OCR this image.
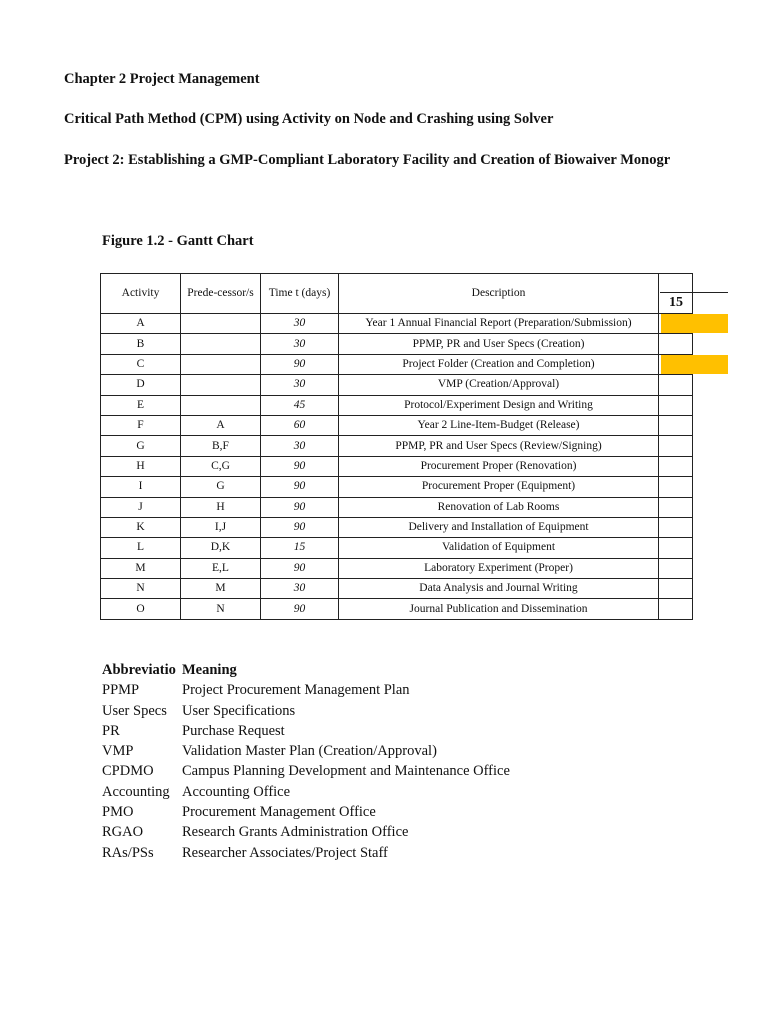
Chapter 2 Project Management
Critical Path Method (CPM) using Activity on Node and Crashing using Solver
Project 2: Establishing a GMP-Compliant Laboratory Facility and Creation of Biowaiver Monogr
Figure 1.2 - Gantt Chart
Activity	Prede-cessor/s	Time t (days)	Description	
A		30	Year 1 Annual Financial Report (Preparation/Submission)	
B		30	PPMP, PR and User Specs (Creation)	
C		90	Project Folder (Creation and Completion)	
D		30	VMP (Creation/Approval)	
E		45	Protocol/Experiment Design and Writing	
F	A	60	Year 2 Line-Item-Budget (Release)	
G	B,F	30	PPMP, PR and User Specs (Review/Signing)	
H	C,G	90	Procurement Proper (Renovation)	
I	G	90	Procurement Proper (Equipment)	
J	H	90	Renovation of Lab Rooms	
K	I,J	90	Delivery and Installation of Equipment	
L	D,K	15	Validation of Equipment	
M	E,L	90	Laboratory Experiment (Proper)	
N	M	30	Data Analysis and Journal Writing	
O	N	90	Journal Publication and Dissemination	
15
Abbreviatio Meaning
PPMP	Project Procurement Management Plan
User Specs User Specifications
PR	Purchase Request
VMP	Validation Master Plan (Creation/Approval)
CPDMO Campus Planning Development and Maintenance Office
Accounting Accounting Office
PMO	Procurement Management Office
RGAO	Research Grants Administration Office
RAs/PSs Researcher Associates/Project Staff
